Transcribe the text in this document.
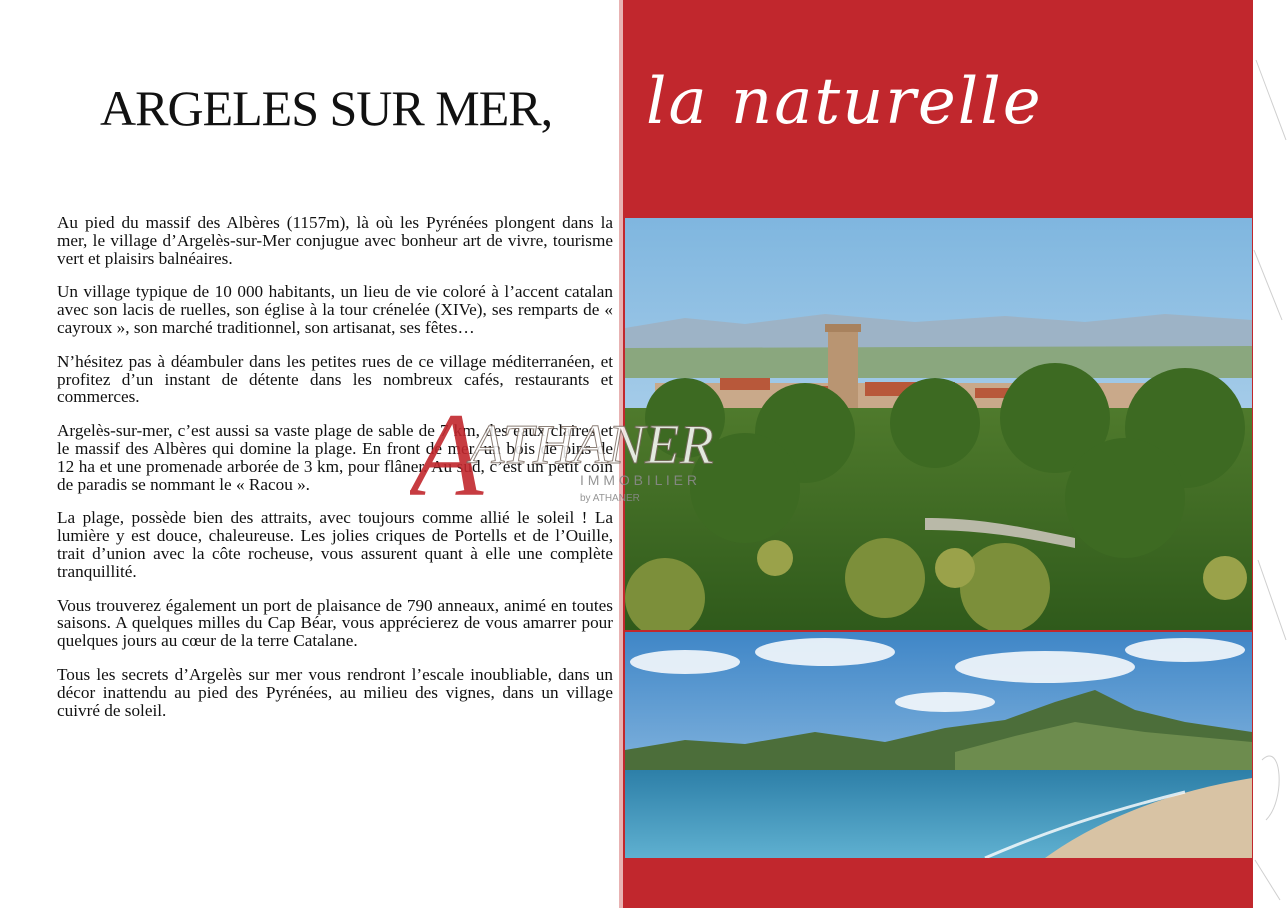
ARGELES SUR MER, la naturelle

Au pied du massif des Albères (1157m), là où les Pyrénées plongent dans la mer, le village d’Argelès-sur-Mer conjugue avec bonheur art de vivre, tourisme vert et plaisirs balnéaires.

Un village typique de 10 000 habitants, un lieu de vie coloré à l’accent catalan avec son lacis de ruelles, son église à la tour crénelée (XIVe), ses remparts de « cayroux », son marché traditionnel, son artisanat, ses fêtes…

N’hésitez pas à déambuler dans les petites rues de ce village méditerranéen, et profitez d’un instant de détente dans les nombreux cafés, restaurants et commerces.

Argelès-sur-mer, c’est aussi sa vaste plage de sable de 7 km, des eaux claires et le massif des Albères qui domine la plage. En front de mer, un bois de pins de 12 ha et une promenade arborée de 3 km, pour flâner. Au sud, c’est un petit coin de paradis se nommant le « Racou ».

La plage, possède bien des attraits, avec toujours comme allié le soleil ! La lumière y est douce, chaleureuse. Les jolies criques de Portells et de l’Ouille, trait d’union avec la côte rocheuse, vous assurent quant à elle une complète tranquillité.

Vous trouverez également un port de plaisance de 790 anneaux, animé en toutes saisons. A quelques milles du Cap Béar, vous apprécierez de vous amarrer pour quelques jours au cœur de la terre Catalane.

Tous les secrets d’Argelès sur mer vous rendront l’escale inoubliable, dans un décor inattendu au pied des Pyrénées, au milieu des vignes, dans un village cuivré de soleil.

A
ATHANER
I M M O B I L I E R
by ATHANER
